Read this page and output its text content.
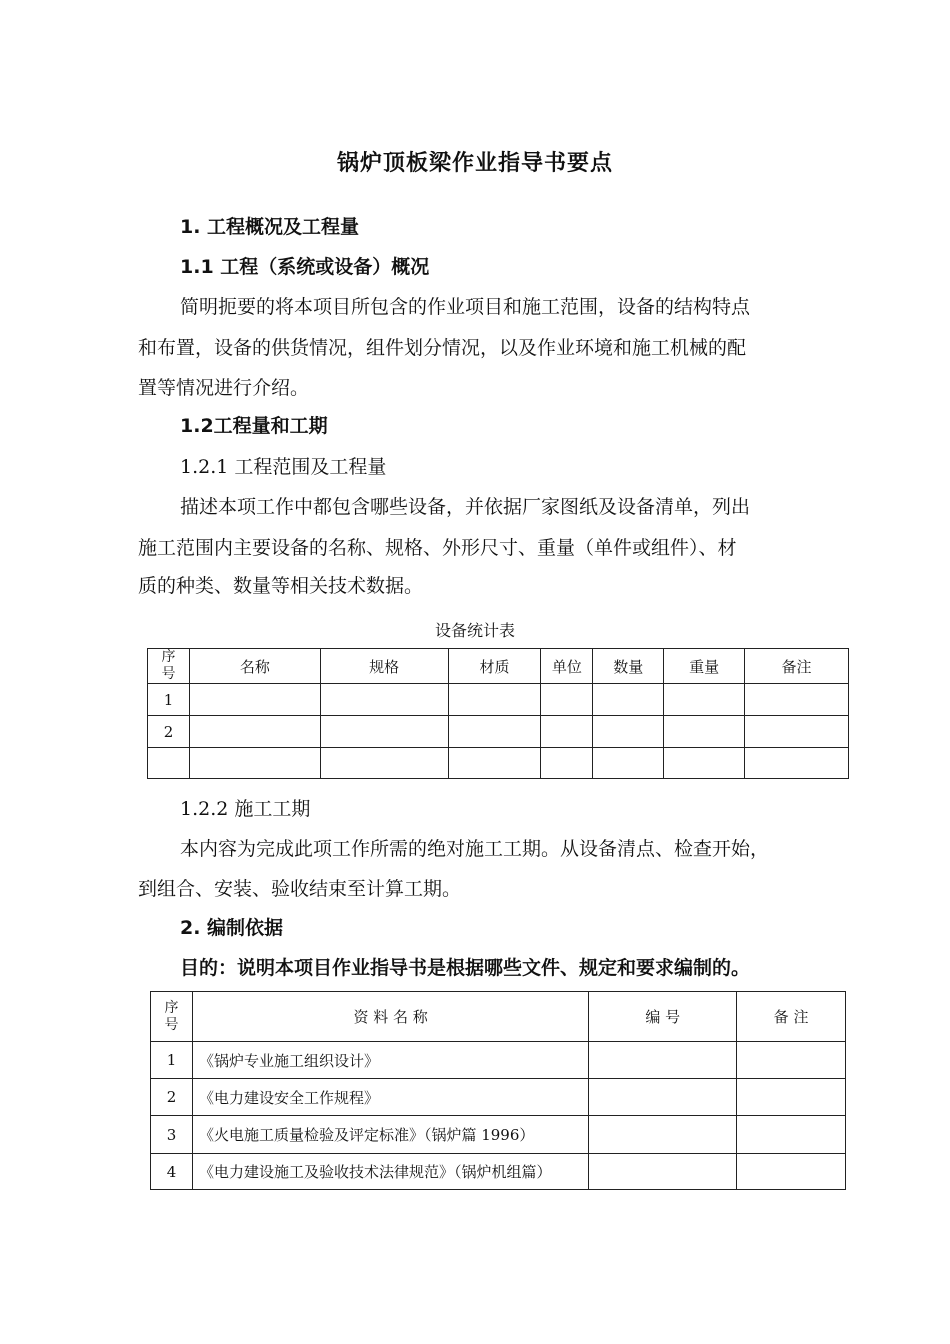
锅炉顶板梁作业指导书要点
1. 工程概况及工程量
1.1 工程（系统或设备）概况
简明扼要的将本项目所包含的作业项目和施工范围，设备的结构特点
和布置，设备的供货情况，组件划分情况，以及作业环境和施工机械的配
置等情况进行介绍。
1.2工程量和工期
1.2.1 工程范围及工程量
描述本项工作中都包含哪些设备，并依据厂家图纸及设备清单，列出
施工范围内主要设备的名称、规格、外形尺寸、重量（单件或组件）、材
质的种类、数量等相关技术数据。
设备统计表
序
号	名称	规格	材质	单位	数量	重量	备注
1							
2							

1.2.2 施工工期
本内容为完成此项工作所需的绝对施工工期。从设备清点、检查开始，
到组合、安装、验收结束至计算工期。
2. 编制依据
目的：说明本项目作业指导书是根据哪些文件、规定和要求编制的。
序
号	资 料 名 称	编 号	备 注
1	《锅炉专业施工组织设计》		
2	《电力建设安全工作规程》		
3	《火电施工质量检验及评定标准》（锅炉篇 1996）		
4	《电力建设施工及验收技术法律规范》（锅炉机组篇）		
